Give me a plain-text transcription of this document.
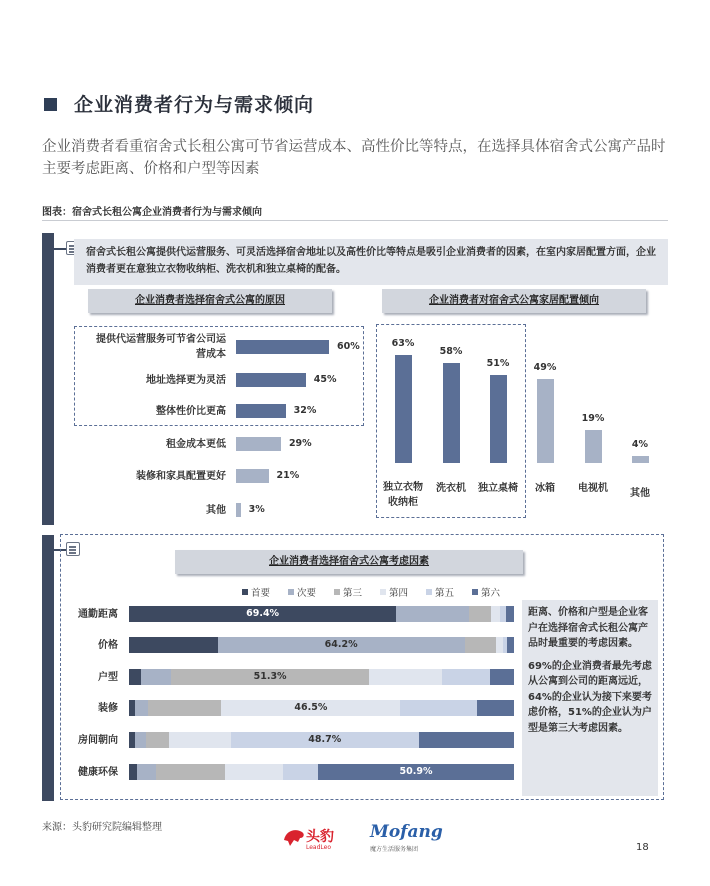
企业消费者行为与需求倾向
企业消费者看重宿舍式长租公寓可节省运营成本、高性价比等特点，在选择具体宿舍式公寓产品时主要考虑距离、价格和户型等因素
图表：宿舍式长租公寓企业消费者行为与需求倾向
宿舍式长租公寓提供代运营服务、可灵活选择宿舍地址以及高性价比等特点是吸引企业消费者的因素，在室内家居配置方面，企业消费者更在意独立衣物收纳柜、洗衣机和独立桌椅的配备。
企业消费者选择宿舍式公寓的原因	企业消费者对宿舍式公寓家居配置倾向
提供代运营服务可节省公司运
营成本
60%
地址选择更为灵活	45%
整体性价比更高	32%
租金成本更低	29%
装修和家具配置更好	21%
其他 3%
63%
独立衣物
收纳柜
58%
洗衣机
51%
独立桌椅
49%
冰箱
19%
电视机
4%
其他
企业消费者选择宿舍式公寓考虑因素
首要	次要	第三	第四	第五	第六
通勤距离	69.4%
价格	64.2%
户型	51.3%
装修	46.5%
房间朝向	48.7%
健康环保	50.9%
距离、价格和户型是企业客户在选择宿舍式长租公寓产品时最重要的考虑因素。
69%的企业消费者最先考虑从公寓到公司的距离远近，64%的企业认为接下来要考虑价格，51%的企业认为户型是第三大考虑因素。
来源：头豹研究院编辑整理
头豹
LeadLeo
Mofang
魔方生活服务集团	18
